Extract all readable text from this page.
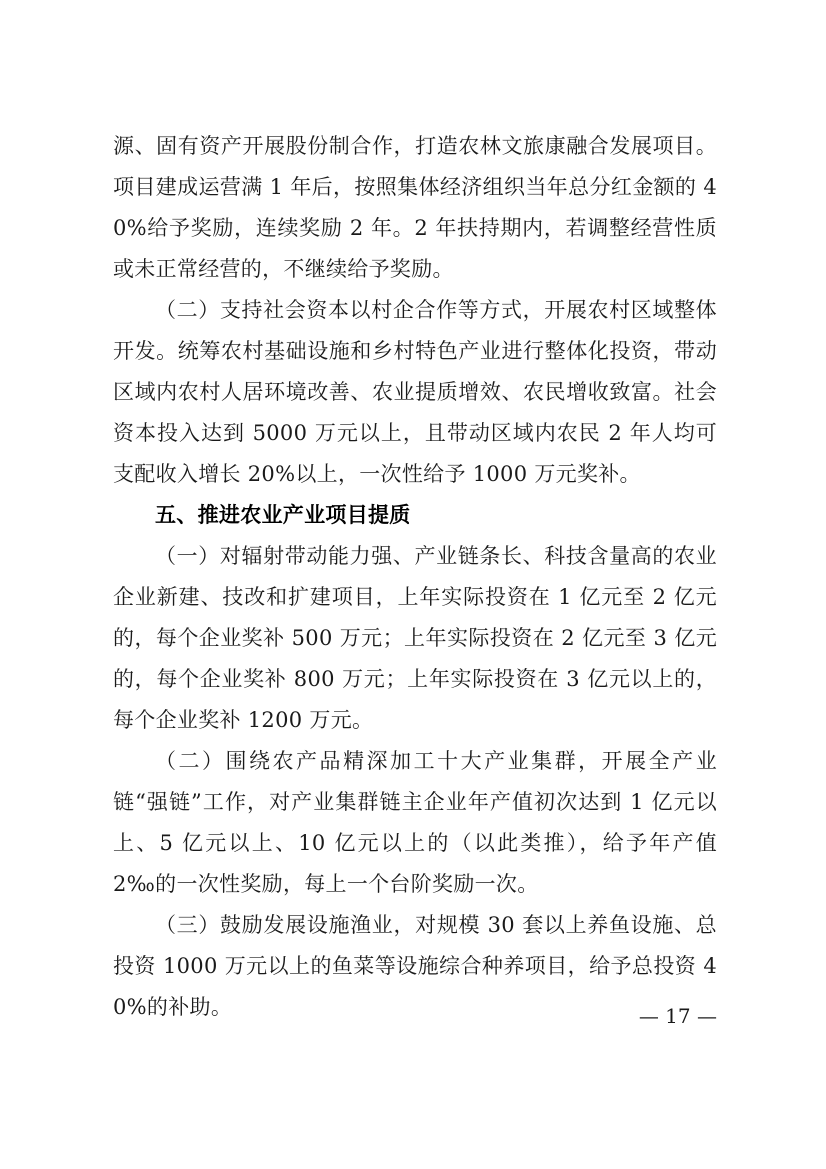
源、固有资产开展股份制合作，打造农林文旅康融合发展项目。项目建成运营满 1 年后，按照集体经济组织当年总分红金额的 40%给予奖励，连续奖励 2 年。2 年扶持期内，若调整经营性质或未正常经营的，不继续给予奖励。

（二）支持社会资本以村企合作等方式，开展农村区域整体开发。统筹农村基础设施和乡村特色产业进行整体化投资，带动区域内农村人居环境改善、农业提质增效、农民增收致富。社会资本投入达到 5000 万元以上，且带动区域内农民 2 年人均可支配收入增长 20%以上，一次性给予 1000 万元奖补。

五、推进农业产业项目提质

（一）对辐射带动能力强、产业链条长、科技含量高的农业企业新建、技改和扩建项目，上年实际投资在 1 亿元至 2 亿元的，每个企业奖补 500 万元；上年实际投资在 2 亿元至 3 亿元的，每个企业奖补 800 万元；上年实际投资在 3 亿元以上的，每个企业奖补 1200 万元。

（二）围绕农产品精深加工十大产业集群，开展全产业链“强链”工作，对产业集群链主企业年产值初次达到 1 亿元以上、5 亿元以上、10 亿元以上的（以此类推），给予年产值 2‰的一次性奖励，每上一个台阶奖励一次。

（三）鼓励发展设施渔业，对规模 30 套以上养鱼设施、总投资 1000 万元以上的鱼菜等设施综合种养项目，给予总投资 40%的补助。	— 17 —
